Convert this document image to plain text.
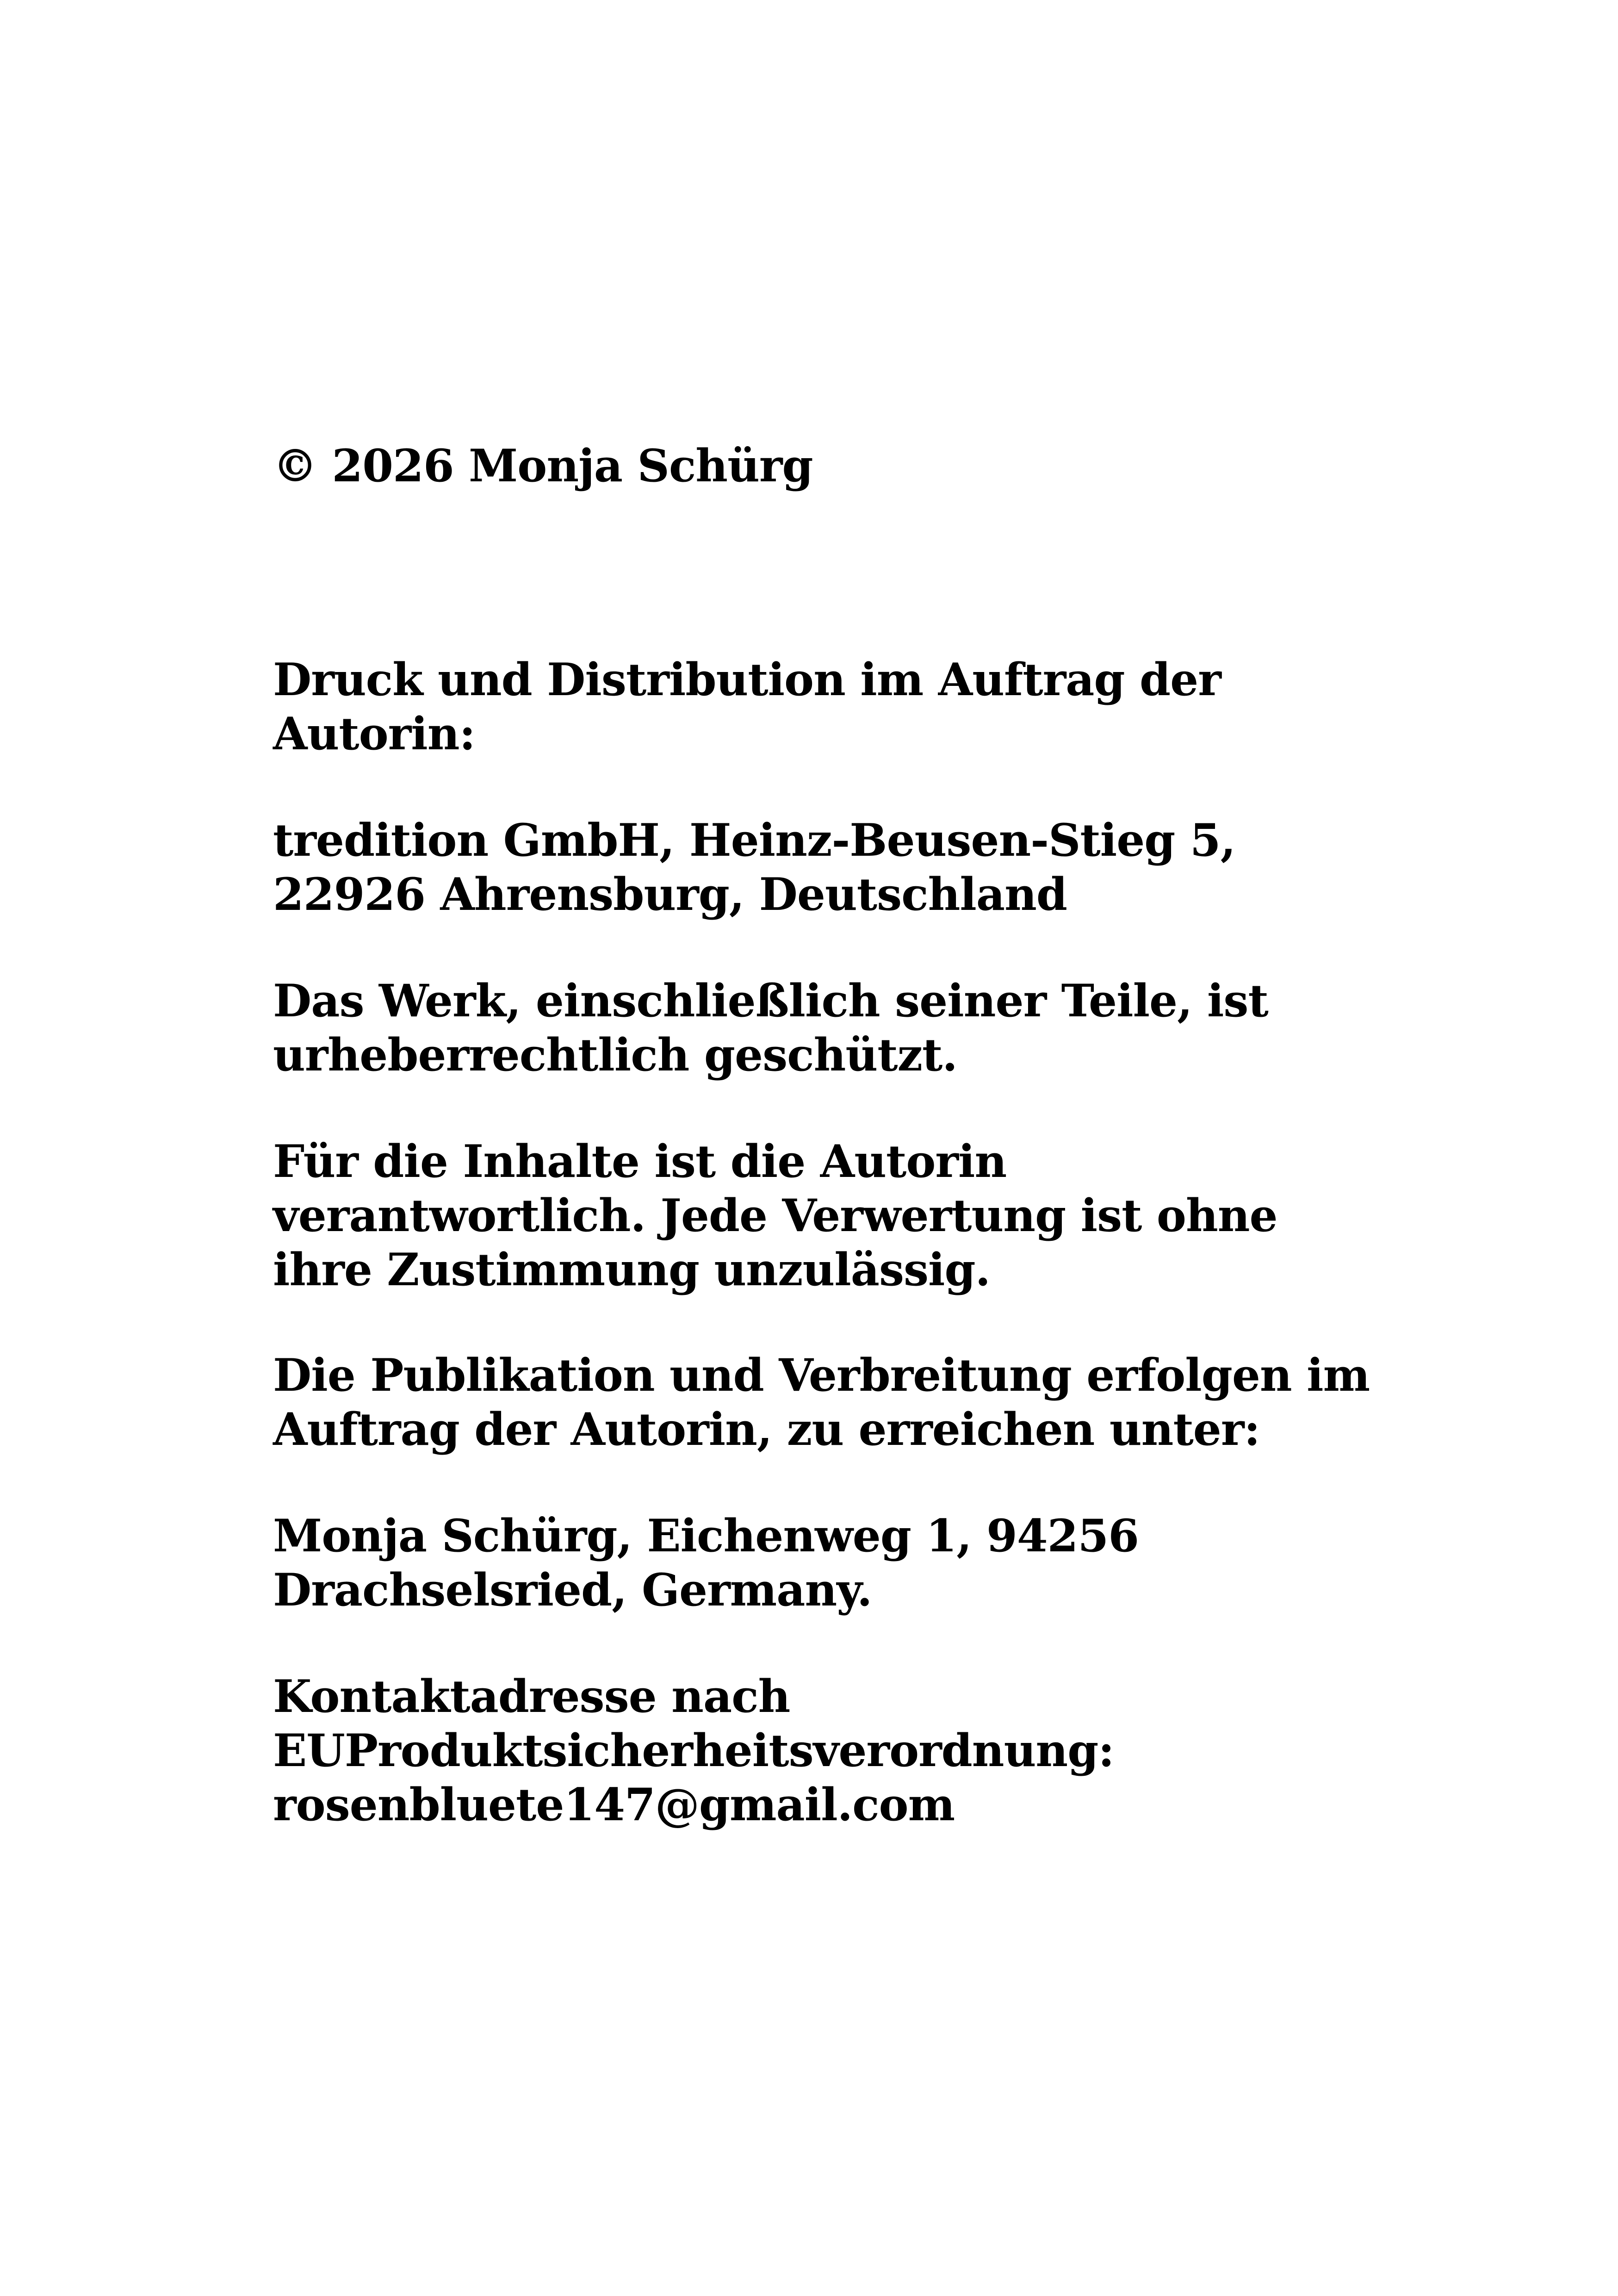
© 2026 Monja Schürg

Druck und Distribution im Auftrag der
Autorin:

tredition GmbH, Heinz-Beusen-Stieg 5,
22926 Ahrensburg, Deutschland

Das Werk, einschließlich seiner Teile, ist
urheberrechtlich geschützt.

Für die Inhalte ist die Autorin
verantwortlich. Jede Verwertung ist ohne
ihre Zustimmung unzulässig.

Die Publikation und Verbreitung erfolgen im
Auftrag der Autorin, zu erreichen unter:

Monja Schürg, Eichenweg 1, 94256
Drachselsried, Germany.

Kontaktadresse nach
EUProduktsicherheitsverordnung:
rosenbluete147@gmail.com
